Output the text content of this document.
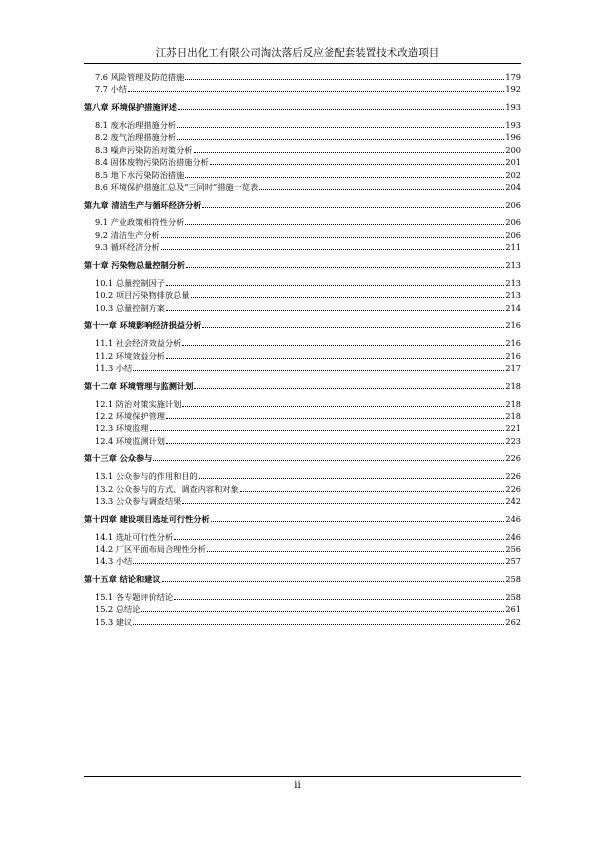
江苏日出化工有限公司淘汰落后反应釜配套装置技术改造项目
7.6 风险管理及防范措施	179
7.7 小结	192
第八章 环境保护措施评述	193
8.1 废水治理措施分析	193
8.2 废气治理措施分析	196
8.3 噪声污染防治对策分析	200
8.4 固体废物污染防治措施分析	201
8.5 地下水污染防治措施	202
8.6 环境保护措施汇总及“三同时”措施一览表	204
第九章 清洁生产与循环经济分析	206
9.1 产业政策相符性分析	206
9.2 清洁生产分析	206
9.3 循环经济分析	211
第十章 污染物总量控制分析	213
10.1 总量控制因子	213
10.2 项目污染物排放总量	213
10.3 总量控制方案	214
第十一章 环境影响经济损益分析	216
11.1 社会经济效益分析	216
11.2 环境效益分析	216
11.3 小结	217
第十二章 环境管理与监测计划	218
12.1 防治对策实施计划	218
12.2 环境保护管理	218
12.3 环境监理	221
12.4 环境监测计划	223
第十三章 公众参与	226
13.1 公众参与的作用和目的	226
13.2 公众参与的方式、调查内容和对象	226
13.3 公众参与调查结果	242
第十四章 建设项目选址可行性分析	246
14.1 选址可行性分析	246
14.2 厂区平面布局合理性分析	256
14.3 小结	257
第十五章 结论和建议	258
15.1 各专题评价结论	258
15.2 总结论	261
15.3 建议	262
ii
